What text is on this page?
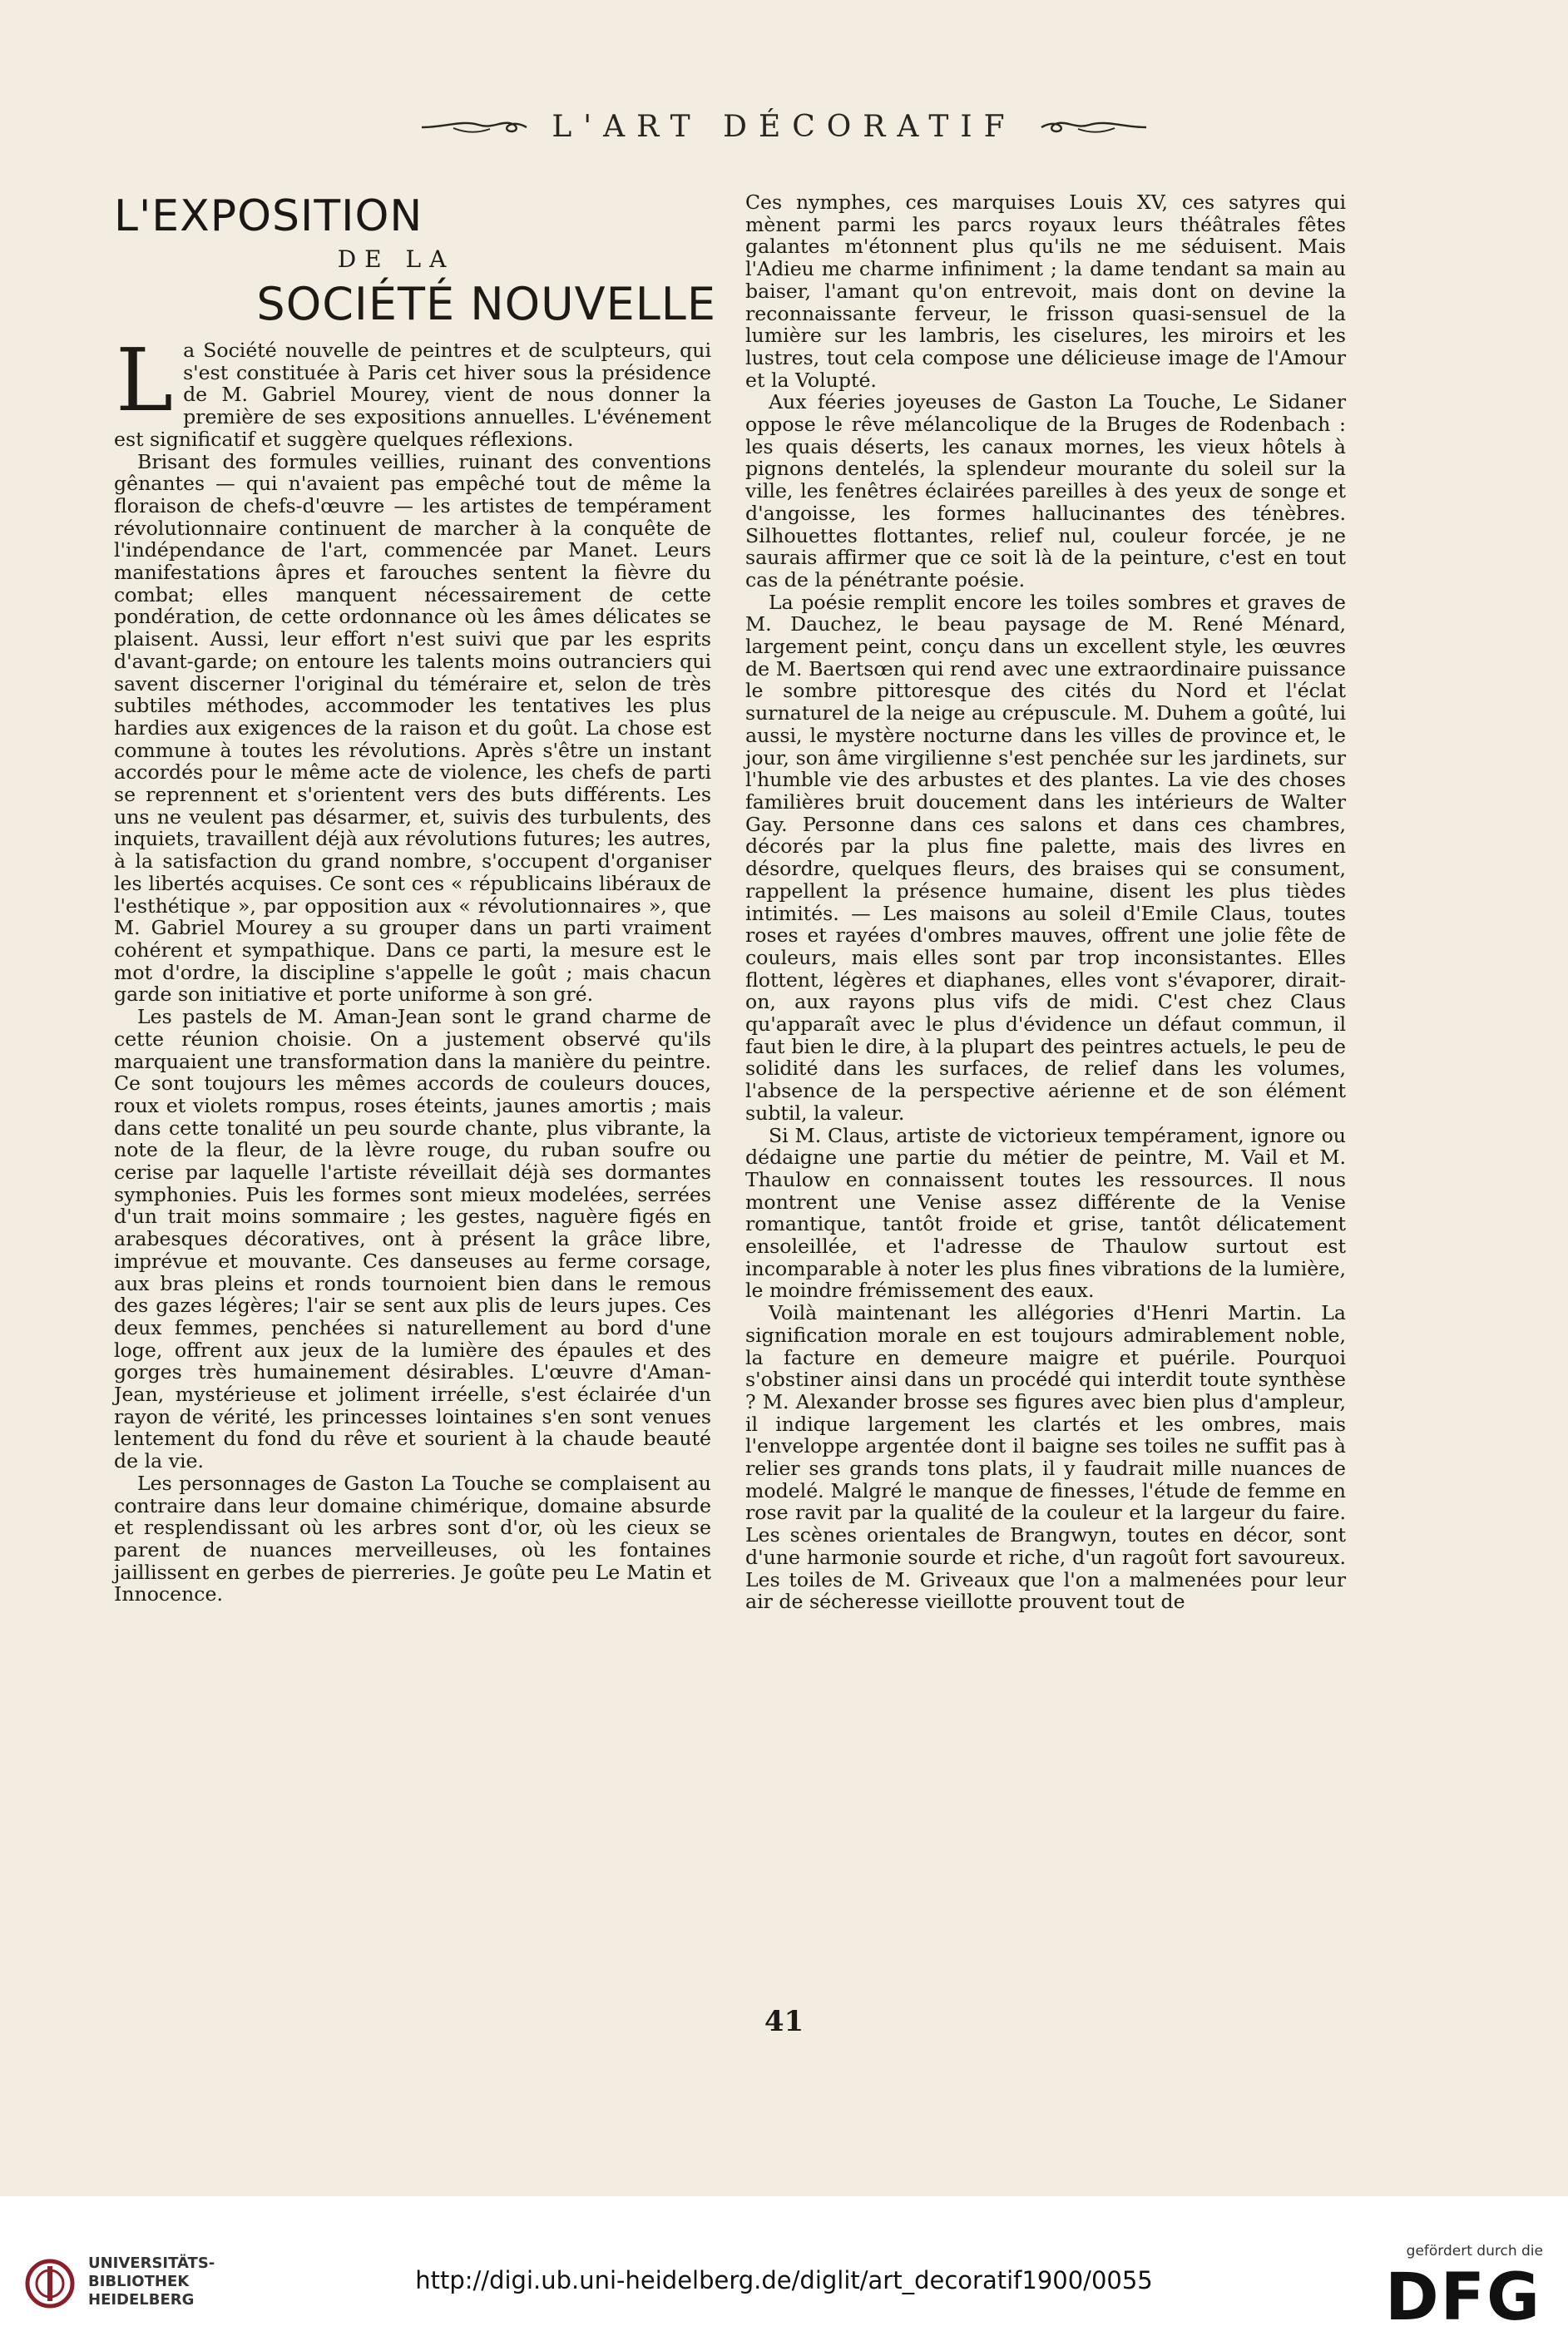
L'ART DÉCORATIF
L'EXPOSITION
DE LA
SOCIÉTÉ NOUVELLE

La Société nouvelle de peintres et de sculpteurs, qui s'est constituée à Paris cet hiver sous la présidence de M. Gabriel Mourey, vient de nous donner la première de ses expositions annuelles. L'événement est significatif et suggère quelques réflexions.

Brisant des formules veillies, ruinant des conventions gênantes — qui n'avaient pas empêché tout de même la floraison de chefs-d'œuvre — les artistes de tempérament révolutionnaire continuent de marcher à la conquête de l'indépendance de l'art, commencée par Manet. Leurs manifestations âpres et farouches sentent la fièvre du combat; elles manquent nécessairement de cette pondération, de cette ordonnance où les âmes délicates se plaisent. Aussi, leur effort n'est suivi que par les esprits d'avant-garde; on entoure les talents moins outranciers qui savent discerner l'original du téméraire et, selon de très subtiles méthodes, accommoder les tentatives les plus hardies aux exigences de la raison et du goût. La chose est commune à toutes les révolutions. Après s'être un instant accordés pour le même acte de violence, les chefs de parti se reprennent et s'orientent vers des buts différents. Les uns ne veulent pas désarmer, et, suivis des turbulents, des inquiets, travaillent déjà aux révolutions futures; les autres, à la satisfaction du grand nombre, s'occupent d'organiser les libertés acquises. Ce sont ces « républicains libéraux de l'esthétique », par opposition aux « révolutionnaires », que M. Gabriel Mourey a su grouper dans un parti vraiment cohérent et sympathique. Dans ce parti, la mesure est le mot d'ordre, la discipline s'appelle le goût ; mais chacun garde son initiative et porte uniforme à son gré.

Les pastels de M. Aman-Jean sont le grand charme de cette réunion choisie. On a justement observé qu'ils marquaient une transformation dans la manière du peintre. Ce sont toujours les mêmes accords de couleurs douces, roux et violets rompus, roses éteints, jaunes amortis ; mais dans cette tonalité un peu sourde chante, plus vibrante, la note de la fleur, de la lèvre rouge, du ruban soufre ou cerise par laquelle l'artiste réveillait déjà ses dormantes symphonies. Puis les formes sont mieux modelées, serrées d'un trait moins sommaire ; les gestes, naguère figés en arabesques décoratives, ont à présent la grâce libre, imprévue et mouvante. Ces danseuses au ferme corsage, aux bras pleins et ronds tournoient bien dans le remous des gazes légères; l'air se sent aux plis de leurs jupes. Ces deux femmes, penchées si naturellement au bord d'une loge, offrent aux jeux de la lumière des épaules et des gorges très humainement désirables. L'œuvre d'Aman-Jean, mystérieuse et joliment irréelle, s'est éclairée d'un rayon de vérité, les princesses lointaines s'en sont venues lentement du fond du rêve et sourient à la chaude beauté de la vie.

Les personnages de Gaston La Touche se complaisent au contraire dans leur domaine chimérique, domaine absurde et resplendissant où les arbres sont d'or, où les cieux se parent de nuances merveilleuses, où les fontaines jaillissent en gerbes de pierreries. Je goûte peu Le Matin et Innocence.

Ces nymphes, ces marquises Louis XV, ces satyres qui mènent parmi les parcs royaux leurs théâtrales fêtes galantes m'étonnent plus qu'ils ne me séduisent. Mais l'Adieu me charme infiniment ; la dame tendant sa main au baiser, l'amant qu'on entrevoit, mais dont on devine la reconnaissante ferveur, le frisson quasi-sensuel de la lumière sur les lambris, les ciselures, les miroirs et les lustres, tout cela compose une délicieuse image de l'Amour et la Volupté.

Aux féeries joyeuses de Gaston La Touche, Le Sidaner oppose le rêve mélancolique de la Bruges de Rodenbach : les quais déserts, les canaux mornes, les vieux hôtels à pignons dentelés, la splendeur mourante du soleil sur la ville, les fenêtres éclairées pareilles à des yeux de songe et d'angoisse, les formes hallucinantes des ténèbres. Silhouettes flottantes, relief nul, couleur forcée, je ne saurais affirmer que ce soit là de la peinture, c'est en tout cas de la pénétrante poésie.

La poésie remplit encore les toiles sombres et graves de M. Dauchez, le beau paysage de M. René Ménard, largement peint, conçu dans un excellent style, les œuvres de M. Baertsœn qui rend avec une extraordinaire puissance le sombre pittoresque des cités du Nord et l'éclat surnaturel de la neige au crépuscule. M. Duhem a goûté, lui aussi, le mystère nocturne dans les villes de province et, le jour, son âme virgilienne s'est penchée sur les jardinets, sur l'humble vie des arbustes et des plantes. La vie des choses familières bruit doucement dans les intérieurs de Walter Gay. Personne dans ces salons et dans ces chambres, décorés par la plus fine palette, mais des livres en désordre, quelques fleurs, des braises qui se consument, rappellent la présence humaine, disent les plus tièdes intimités. — Les maisons au soleil d'Emile Claus, toutes roses et rayées d'ombres mauves, offrent une jolie fête de couleurs, mais elles sont par trop inconsistantes. Elles flottent, légères et diaphanes, elles vont s'évaporer, dirait-on, aux rayons plus vifs de midi. C'est chez Claus qu'apparaît avec le plus d'évidence un défaut commun, il faut bien le dire, à la plupart des peintres actuels, le peu de solidité dans les surfaces, de relief dans les volumes, l'absence de la perspective aérienne et de son élément subtil, la valeur.

Si M. Claus, artiste de victorieux tempérament, ignore ou dédaigne une partie du métier de peintre, M. Vail et M. Thaulow en connaissent toutes les ressources. Il nous montrent une Venise assez différente de la Venise romantique, tantôt froide et grise, tantôt délicatement ensoleillée, et l'adresse de Thaulow surtout est incomparable à noter les plus fines vibrations de la lumière, le moindre frémissement des eaux.

Voilà maintenant les allégories d'Henri Martin. La signification morale en est toujours admirablement noble, la facture en demeure maigre et puérile. Pourquoi s'obstiner ainsi dans un procédé qui interdit toute synthèse ? M. Alexander brosse ses figures avec bien plus d'ampleur, il indique largement les clartés et les ombres, mais l'enveloppe argentée dont il baigne ses toiles ne suffit pas à relier ses grands tons plats, il y faudrait mille nuances de modelé. Malgré le manque de finesses, l'étude de femme en rose ravit par la qualité de la couleur et la largeur du faire. Les scènes orientales de Brangwyn, toutes en décor, sont d'une harmonie sourde et riche, d'un ragoût fort savoureux. Les toiles de M. Griveaux que l'on a malmenées pour leur air de sécheresse vieillotte prouvent tout de

41
UNIVERSITÄTS-
BIBLIOTHEK
HEIDELBERG
http://digi.ub.uni-heidelberg.de/diglit/art_decoratif1900/0055
gefördert durch die
DFG
